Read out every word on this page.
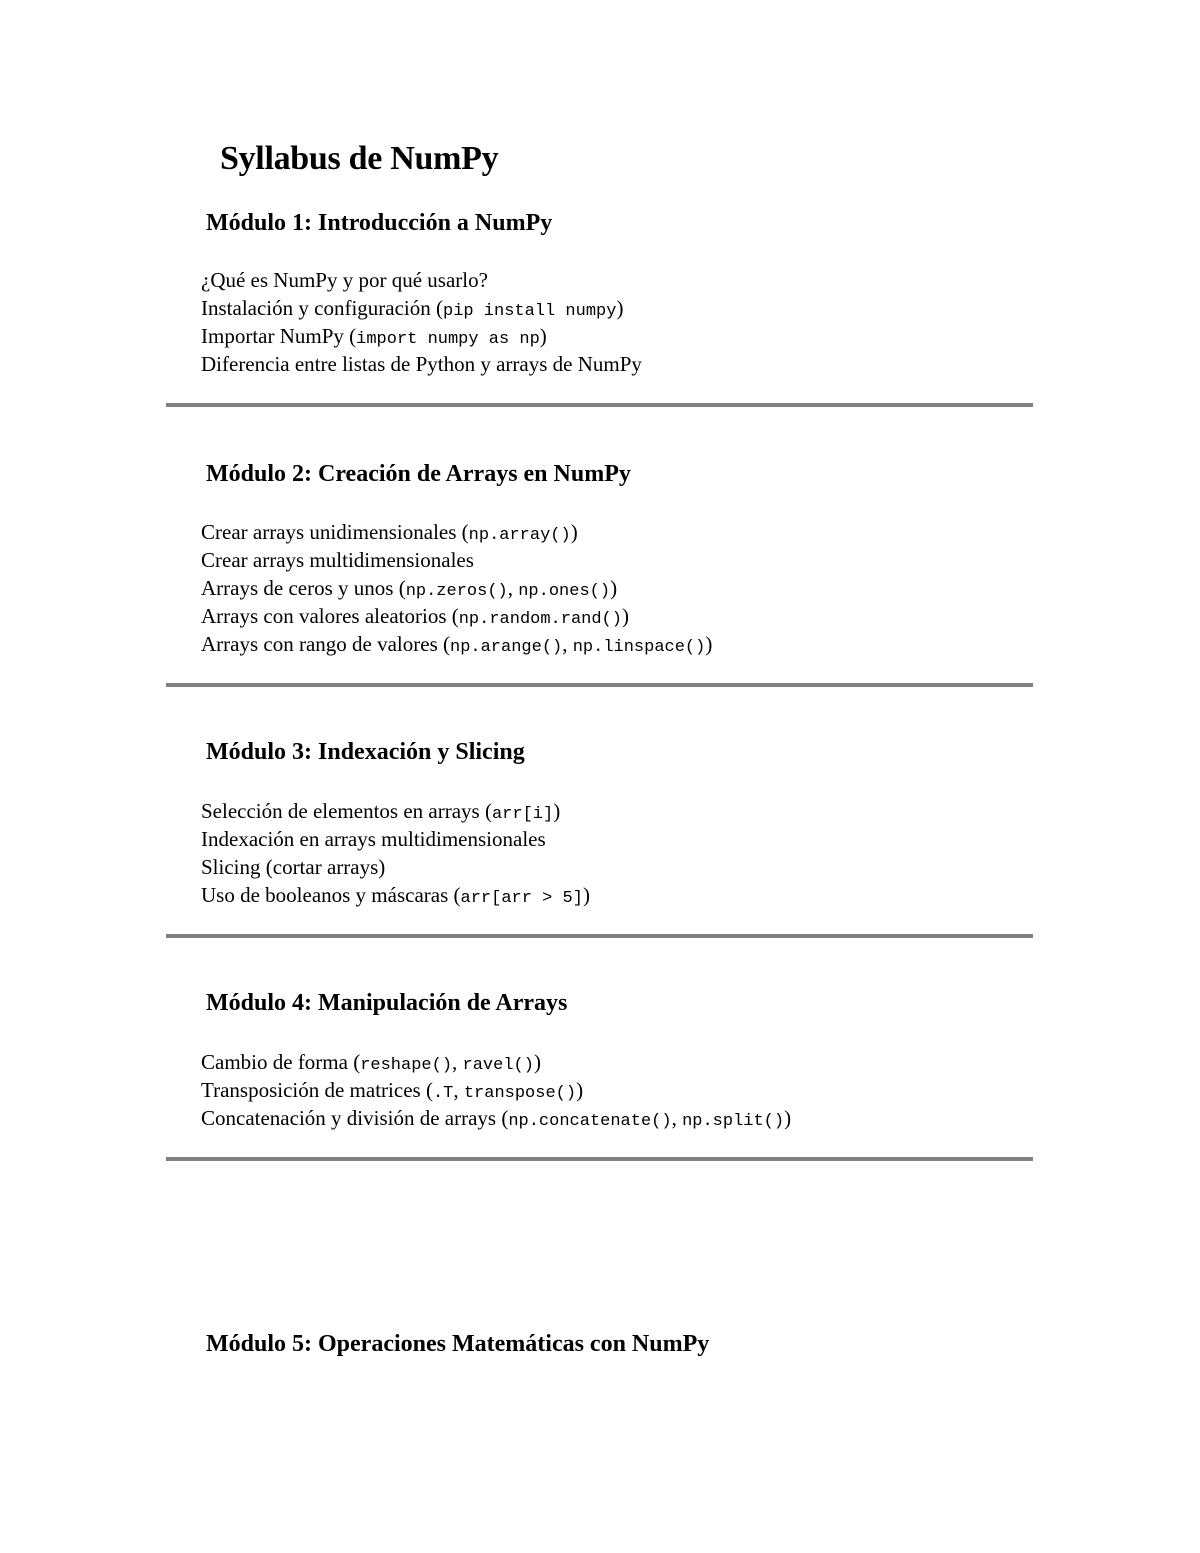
Syllabus de NumPy
Módulo 1: Introducción a NumPy
¿Qué es NumPy y por qué usarlo?
Instalación y configuración (pip install numpy)
Importar NumPy (import numpy as np)
Diferencia entre listas de Python y arrays de NumPy
Módulo 2: Creación de Arrays en NumPy
Crear arrays unidimensionales (np.array())
Crear arrays multidimensionales
Arrays de ceros y unos (np.zeros(), np.ones())
Arrays con valores aleatorios (np.random.rand())
Arrays con rango de valores (np.arange(), np.linspace())
Módulo 3: Indexación y Slicing
Selección de elementos en arrays (arr[i])
Indexación en arrays multidimensionales
Slicing (cortar arrays)
Uso de booleanos y máscaras (arr[arr > 5])
Módulo 4: Manipulación de Arrays
Cambio de forma (reshape(), ravel())
Transposición de matrices (.T, transpose())
Concatenación y división de arrays (np.concatenate(), np.split())
Módulo 5: Operaciones Matemáticas con NumPy
